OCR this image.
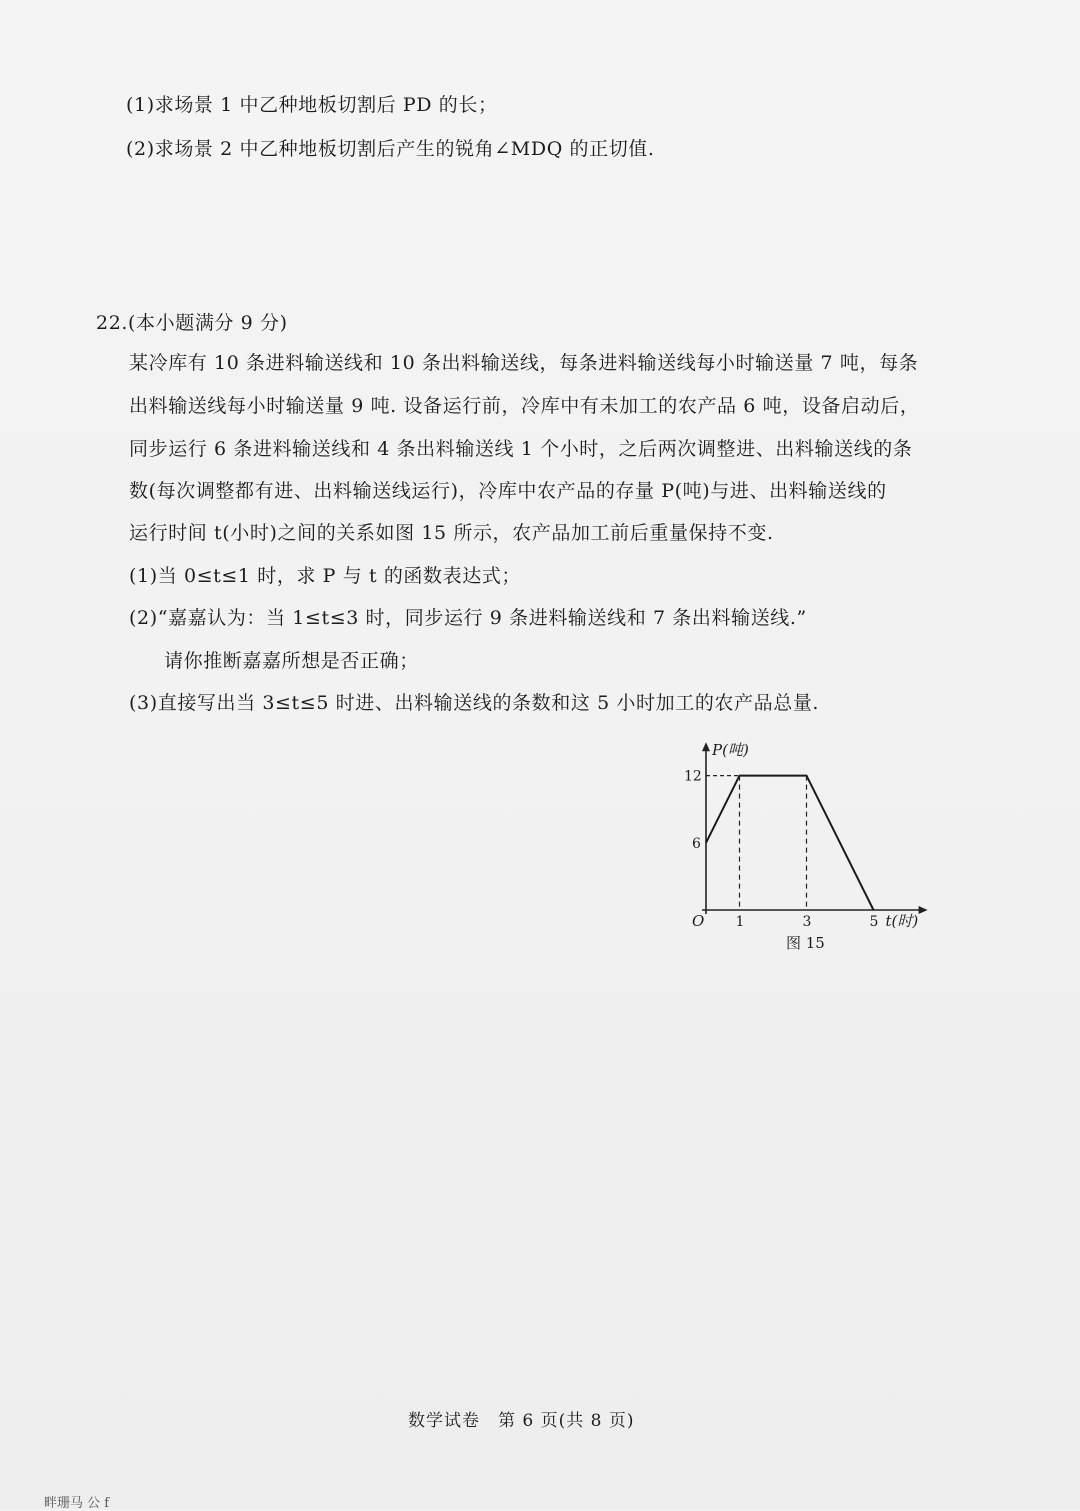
(1)求场景 1 中乙种地板切割后 PD 的长；
(2)求场景 2 中乙种地板切割后产生的锐角∠MDQ 的正切值.
22.(本小题满分 9 分)
某冷库有 10 条进料输送线和 10 条出料输送线，每条进料输送线每小时输送量 7 吨，每条
出料输送线每小时输送量 9 吨. 设备运行前，冷库中有未加工的农产品 6 吨，设备启动后，
同步运行 6 条进料输送线和 4 条出料输送线 1 个小时，之后两次调整进、出料输送线的条
数(每次调整都有进、出料输送线运行)，冷库中农产品的存量 P(吨)与进、出料输送线的
运行时间 t(小时)之间的关系如图 15 所示，农产品加工前后重量保持不变.
(1)当 0≤t≤1 时，求 P 与 t 的函数表达式；
(2)“嘉嘉认为：当 1≤t≤3 时，同步运行 9 条进料输送线和 7 条出料输送线.”
请你推断嘉嘉所想是否正确；
(3)直接写出当 3≤t≤5 时进、出料输送线的条数和这 5 小时加工的农产品总量.
P(吨)
t(时)
O 1	3	5
6
12
图 15
数学试卷　第 6 页(共 8 页)
畔珊马 公 f
